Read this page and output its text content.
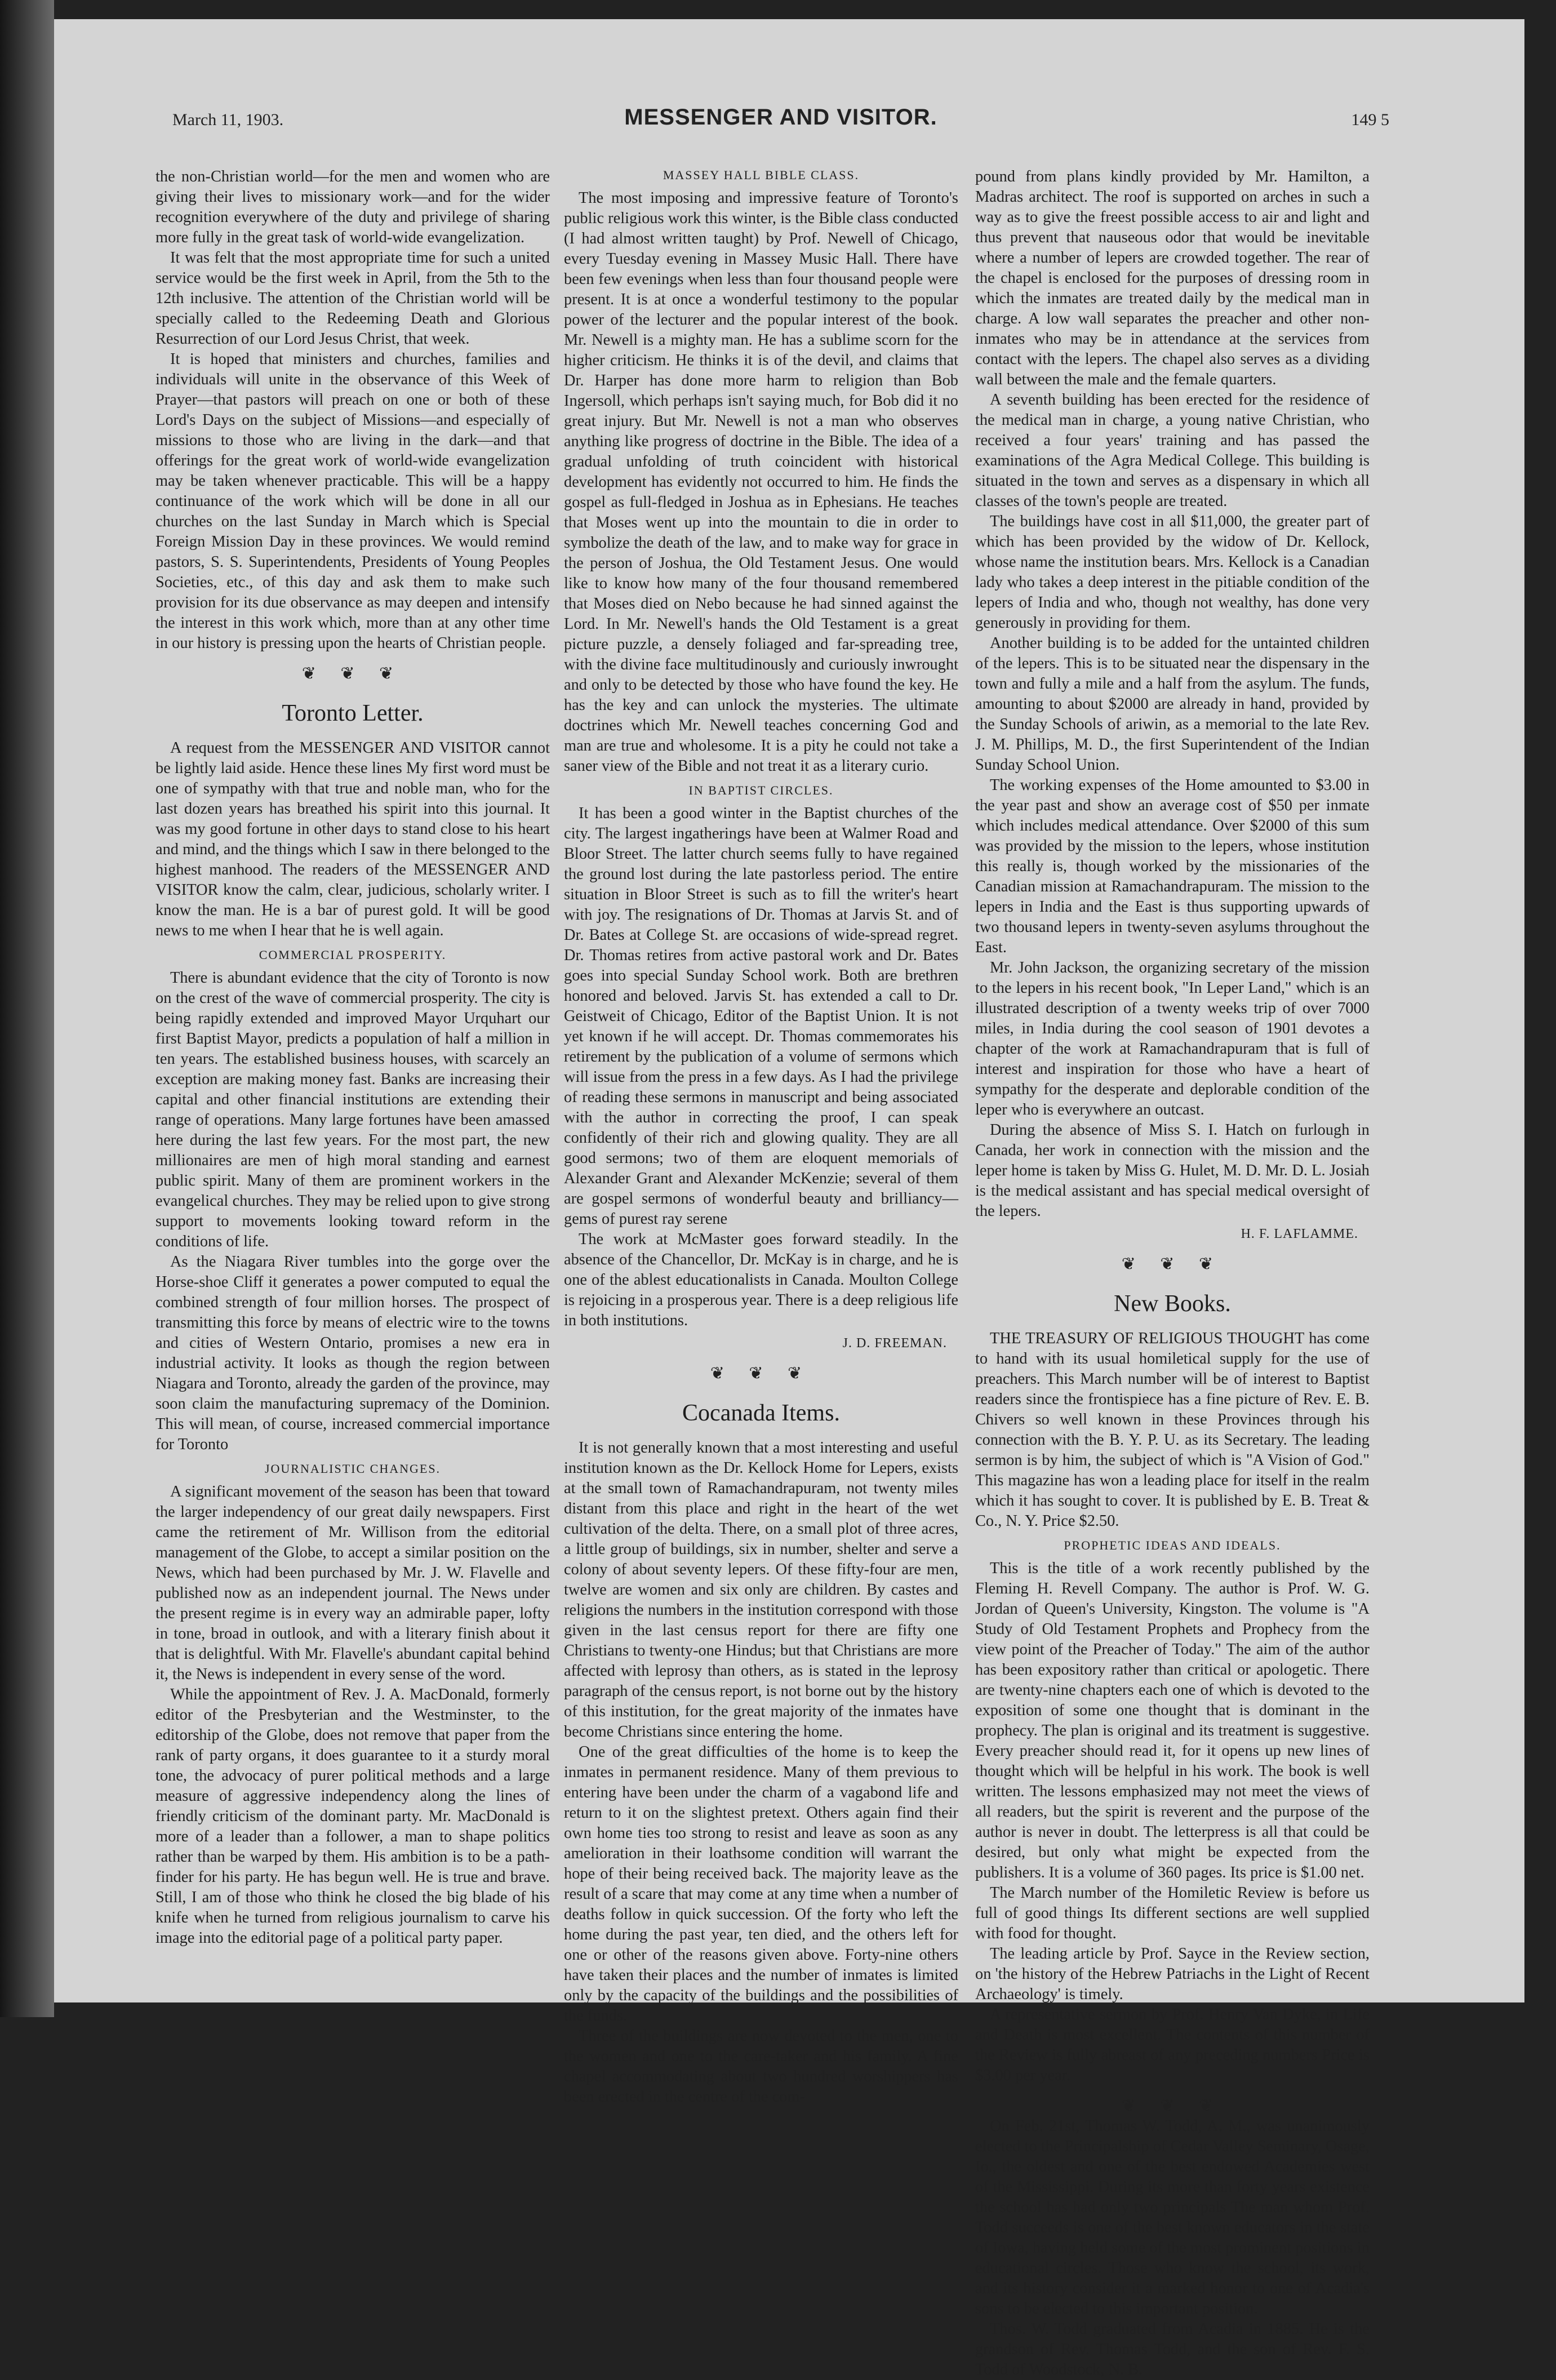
March 11, 1903.	MESSENGER AND VISITOR.	149 5

the non-Christian world—for the men and women who are giving their lives to missionary work—and for the wider recognition everywhere of the duty and privilege of sharing more fully in the great task of world-wide evangelization.

It was felt that the most appropriate time for such a united service would be the first week in April, from the 5th to the 12th inclusive. The attention of the Christian world will be specially called to the Redeeming Death and Glorious Resurrection of our Lord Jesus Christ, that week.

It is hoped that ministers and churches, families and individuals will unite in the observance of this Week of Prayer—that pastors will preach on one or both of these Lord's Days on the subject of Missions—and especially of missions to those who are living in the dark—and that offerings for the great work of world-wide evangelization may be taken whenever practicable. This will be a happy continuance of the work which will be done in all our churches on the last Sunday in March which is Special Foreign Mission Day in these provinces. We would remind pastors, S. S. Superintendents, Presidents of Young Peoples Societies, etc., of this day and ask them to make such provision for its due observance as may deepen and intensify the interest in this work which, more than at any other time in our history is pressing upon the hearts of Christian people.

❦ ❦ ❦
Toronto Letter.

A request from the MESSENGER AND VISITOR cannot be lightly laid aside. Hence these lines My first word must be one of sympathy with that true and noble man, who for the last dozen years has breathed his spirit into this journal. It was my good fortune in other days to stand close to his heart and mind, and the things which I saw in there belonged to the highest manhood. The readers of the MESSENGER AND VISITOR know the calm, clear, judicious, scholarly writer. I know the man. He is a bar of purest gold. It will be good news to me when I hear that he is well again.

COMMERCIAL PROSPERITY.

There is abundant evidence that the city of Toronto is now on the crest of the wave of commercial prosperity. The city is being rapidly extended and improved Mayor Urquhart our first Baptist Mayor, predicts a population of half a million in ten years. The established business houses, with scarcely an exception are making money fast. Banks are increasing their capital and other financial institutions are extending their range of operations. Many large fortunes have been amassed here during the last few years. For the most part, the new millionaires are men of high moral standing and earnest public spirit. Many of them are prominent workers in the evangelical churches. They may be relied upon to give strong support to movements looking toward reform in the conditions of life.

As the Niagara River tumbles into the gorge over the Horse-shoe Cliff it generates a power computed to equal the combined strength of four million horses. The prospect of transmitting this force by means of electric wire to the towns and cities of Western Ontario, promises a new era in industrial activity. It looks as though the region between Niagara and Toronto, already the garden of the province, may soon claim the manufacturing supremacy of the Dominion. This will mean, of course, increased commercial importance for Toronto

JOURNALISTIC CHANGES.

A significant movement of the season has been that toward the larger independency of our great daily newspapers. First came the retirement of Mr. Willison from the editorial management of the Globe, to accept a similar position on the News, which had been purchased by Mr. J. W. Flavelle and published now as an independent journal. The News under the present regime is in every way an admirable paper, lofty in tone, broad in outlook, and with a literary finish about it that is delightful. With Mr. Flavelle's abundant capital behind it, the News is independent in every sense of the word.

While the appointment of Rev. J. A. MacDonald, formerly editor of the Presbyterian and the Westminster, to the editorship of the Globe, does not remove that paper from the rank of party organs, it does guarantee to it a sturdy moral tone, the advocacy of purer political methods and a large measure of aggressive independency along the lines of friendly criticism of the dominant party. Mr. MacDonald is more of a leader than a follower, a man to shape politics rather than be warped by them. His ambition is to be a path-finder for his party. He has begun well. He is true and brave. Still, I am of those who think he closed the big blade of his knife when he turned from religious journalism to carve his image into the editorial page of a political party paper.

MASSEY HALL BIBLE CLASS.

The most imposing and impressive feature of Toronto's public religious work this winter, is the Bible class conducted (I had almost written taught) by Prof. Newell of Chicago, every Tuesday evening in Massey Music Hall. There have been few evenings when less than four thousand people were present. It is at once a wonderful testimony to the popular power of the lecturer and the popular interest of the book. Mr. Newell is a mighty man. He has a sublime scorn for the higher criticism. He thinks it is of the devil, and claims that Dr. Harper has done more harm to religion than Bob Ingersoll, which perhaps isn't saying much, for Bob did it no great injury. But Mr. Newell is not a man who observes anything like progress of doctrine in the Bible. The idea of a gradual unfolding of truth coincident with historical development has evidently not occurred to him. He finds the gospel as full-fledged in Joshua as in Ephesians. He teaches that Moses went up into the mountain to die in order to symbolize the death of the law, and to make way for grace in the person of Joshua, the Old Testament Jesus. One would like to know how many of the four thousand remembered that Moses died on Nebo because he had sinned against the Lord. In Mr. Newell's hands the Old Testament is a great picture puzzle, a densely foliaged and far-spreading tree, with the divine face multitudinously and curiously inwrought and only to be detected by those who have found the key. He has the key and can unlock the mysteries. The ultimate doctrines which Mr. Newell teaches concerning God and man are true and wholesome. It is a pity he could not take a saner view of the Bible and not treat it as a literary curio.

IN BAPTIST CIRCLES.

It has been a good winter in the Baptist churches of the city. The largest ingatherings have been at Walmer Road and Bloor Street. The latter church seems fully to have regained the ground lost during the late pastorless period. The entire situation in Bloor Street is such as to fill the writer's heart with joy. The resignations of Dr. Thomas at Jarvis St. and of Dr. Bates at College St. are occasions of wide-spread regret. Dr. Thomas retires from active pastoral work and Dr. Bates goes into special Sunday School work. Both are brethren honored and beloved. Jarvis St. has extended a call to Dr. Geistweit of Chicago, Editor of the Baptist Union. It is not yet known if he will accept. Dr. Thomas commemorates his retirement by the publication of a volume of sermons which will issue from the press in a few days. As I had the privilege of reading these sermons in manuscript and being associated with the author in correcting the proof, I can speak confidently of their rich and glowing quality. They are all good sermons; two of them are eloquent memorials of Alexander Grant and Alexander McKenzie; several of them are gospel sermons of wonderful beauty and brilliancy—gems of purest ray serene

The work at McMaster goes forward steadily. In the absence of the Chancellor, Dr. McKay is in charge, and he is one of the ablest educationalists in Canada. Moulton College is rejoicing in a prosperous year. There is a deep religious life in both institutions.

J. D. FREEMAN.
❦ ❦ ❦
Cocanada Items.

It is not generally known that a most interesting and useful institution known as the Dr. Kellock Home for Lepers, exists at the small town of Ramachandrapuram, not twenty miles distant from this place and right in the heart of the wet cultivation of the delta. There, on a small plot of three acres, a little group of buildings, six in number, shelter and serve a colony of about seventy lepers. Of these fifty-four are men, twelve are women and six only are children. By castes and religions the numbers in the institution correspond with those given in the last census report for there are fifty one Christians to twenty-one Hindus; but that Christians are more affected with leprosy than others, as is stated in the leprosy paragraph of the census report, is not borne out by the history of this institution, for the great majority of the inmates have become Christians since entering the home.

One of the great difficulties of the home is to keep the inmates in permanent residence. Many of them previous to entering have been under the charm of a vagabond life and return to it on the slightest pretext. Others again find their own home ties too strong to resist and leave as soon as any amelioration in their loathsome condition will warrant the hope of their being received back. The majority leave as the result of a scare that may come at any time when a number of deaths follow in quick succession. Of the forty who left the home during the past year, ten died, and the others left for one or other of the reasons given above. Forty-nine others have taken their places and the number of inmates is limited only by the capacity of the buildings and the possibilities of the funds.

Three of the buildings are now devoted to the men, one to the women and one to the care-taker and his family. A fine chapel accommodating about two hundred worshippers has been erected in the centre of the com-

pound from plans kindly provided by Mr. Hamilton, a Madras architect. The roof is supported on arches in such a way as to give the freest possible access to air and light and thus prevent that nauseous odor that would be inevitable where a number of lepers are crowded together. The rear of the chapel is enclosed for the purposes of dressing room in which the inmates are treated daily by the medical man in charge. A low wall separates the preacher and other non-inmates who may be in attendance at the services from contact with the lepers. The chapel also serves as a dividing wall between the male and the female quarters.

A seventh building has been erected for the residence of the medical man in charge, a young native Christian, who received a four years' training and has passed the examinations of the Agra Medical College. This building is situated in the town and serves as a dispensary in which all classes of the town's people are treated.

The buildings have cost in all $11,000, the greater part of which has been provided by the widow of Dr. Kellock, whose name the institution bears. Mrs. Kellock is a Canadian lady who takes a deep interest in the pitiable condition of the lepers of India and who, though not wealthy, has done very generously in providing for them.

Another building is to be added for the untainted children of the lepers. This is to be situated near the dispensary in the town and fully a mile and a half from the asylum. The funds, amounting to about $2000 are already in hand, provided by the Sunday Schools of ariwin, as a memorial to the late Rev. J. M. Phillips, M. D., the first Superintendent of the Indian Sunday School Union.

The working expenses of the Home amounted to $3.00 in the year past and show an average cost of $50 per inmate which includes medical attendance. Over $2000 of this sum was provided by the mission to the lepers, whose institution this really is, though worked by the missionaries of the Canadian mission at Ramachandrapuram. The mission to the lepers in India and the East is thus supporting upwards of two thousand lepers in twenty-seven asylums throughout the East.

Mr. John Jackson, the organizing secretary of the mission to the lepers in his recent book, "In Leper Land," which is an illustrated description of a twenty weeks trip of over 7000 miles, in India during the cool season of 1901 devotes a chapter of the work at Ramachandrapuram that is full of interest and inspiration for those who have a heart of sympathy for the desperate and deplorable condition of the leper who is everywhere an outcast.

During the absence of Miss S. I. Hatch on furlough in Canada, her work in connection with the mission and the leper home is taken by Miss G. Hulet, M. D. Mr. D. L. Josiah is the medical assistant and has special medical oversight of the lepers.

H. F. LAFLAMME.
❦ ❦ ❦
New Books.

THE TREASURY OF RELIGIOUS THOUGHT has come to hand with its usual homiletical supply for the use of preachers. This March number will be of interest to Baptist readers since the frontispiece has a fine picture of Rev. E. B. Chivers so well known in these Provinces through his connection with the B. Y. P. U. as its Secretary. The leading sermon is by him, the subject of which is "A Vision of God." This magazine has won a leading place for itself in the realm which it has sought to cover. It is published by E. B. Treat & Co., N. Y. Price $2.50.

PROPHETIC IDEAS AND IDEALS.

This is the title of a work recently published by the Fleming H. Revell Company. The author is Prof. W. G. Jordan of Queen's University, Kingston. The volume is "A Study of Old Testament Prophets and Prophecy from the view point of the Preacher of Today." The aim of the author has been expository rather than critical or apologetic. There are twenty-nine chapters each one of which is devoted to the exposition of some one thought that is dominant in the prophecy. The plan is original and its treatment is suggestive. Every preacher should read it, for it opens up new lines of thought which will be helpful in his work. The book is well written. The lessons emphasized may not meet the views of all readers, but the spirit is reverent and the purpose of the author is never in doubt. The letterpress is all that could be desired, but only what might be expected from the publishers. It is a volume of 360 pages. Its price is $1.00 net.

The March number of the Homiletic Review is before us full of good things Its different sections are well supplied with food for thought.

The leading article by Prof. Sayce in the Review section, on 'the history of the Hebrew Patriachs in the Light of Recent Archaeology' is timely.

A representative sermon by Prof. Henry Van Dyke, in Life and Death is most excellent. The contents of this number of the Review is fully abreast of any preceding numbers Price is $3.00 per year.

❦ ❦ ❦

On Feb. 21st, Thomas W. Todd, A. M., was unanimously elected to the Principalship of Cedar Valley Seminary, Osage, Io., the oldest and one of the best endowed Academies west of the Mississippi. During its more than forty years existence the school has had only two principals The man whom Prof. Todd succeeds is one of the best known educators in the state of Iowa, having held some of the most prominent positions in educational circles. Those who know the school, its work, and its history consider it a marked honor to one of Acadia's sons to be elected to this important position.

Thos. W. Todd graduated from Acadia in 1885. He is the grandson of Rev. Thomas Todd, and the son of Rev. F. S. Todd of Woodstock, N. B.
